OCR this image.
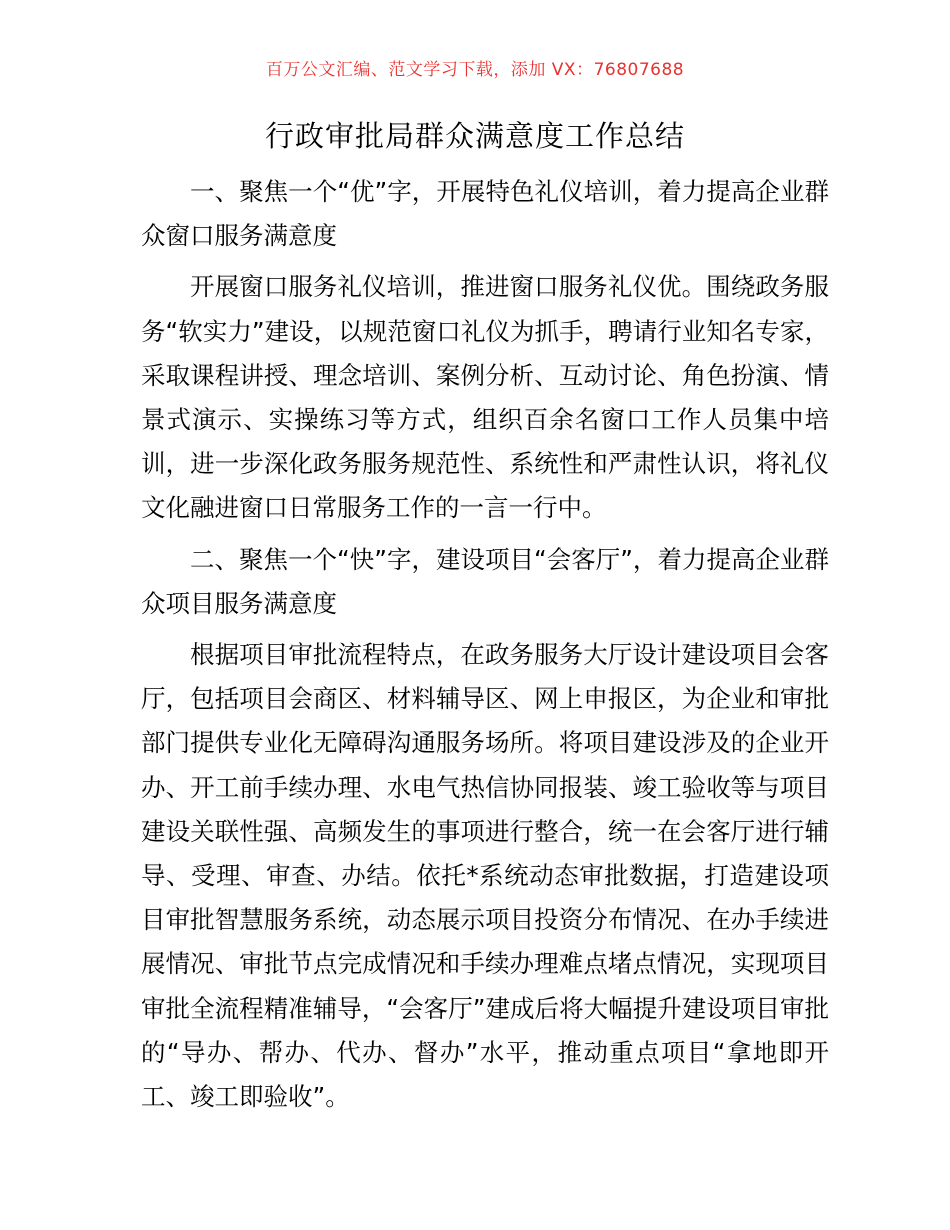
百万公文汇编、范文学习下载，添加 VX：76807688
行政审批局群众满意度工作总结

一、聚焦一个“优”字，开展特色礼仪培训，着力提高企业群众窗口服务满意度

开展窗口服务礼仪培训，推进窗口服务礼仪优。围绕政务服务“软实力”建设，以规范窗口礼仪为抓手，聘请行业知名专家，采取课程讲授、理念培训、案例分析、互动讨论、角色扮演、情景式演示、实操练习等方式，组织百余名窗口工作人员集中培训，进一步深化政务服务规范性、系统性和严肃性认识，将礼仪文化融进窗口日常服务工作的一言一行中。

二、聚焦一个“快”字，建设项目“会客厅”，着力提高企业群众项目服务满意度

根据项目审批流程特点，在政务服务大厅设计建设项目会客厅，包括项目会商区、材料辅导区、网上申报区，为企业和审批部门提供专业化无障碍沟通服务场所。将项目建设涉及的企业开办、开工前手续办理、水电气热信协同报装、竣工验收等与项目建设关联性强、高频发生的事项进行整合，统一在会客厅进行辅导、受理、审查、办结。依托*系统动态审批数据，打造建设项目审批智慧服务系统，动态展示项目投资分布情况、在办手续进展情况、审批节点完成情况和手续办理难点堵点情况，实现项目审批全流程精准辅导，“会客厅”建成后将大幅提升建设项目审批的“导办、帮办、代办、督办”水平，推动重点项目“拿地即开工、竣工即验收”。
